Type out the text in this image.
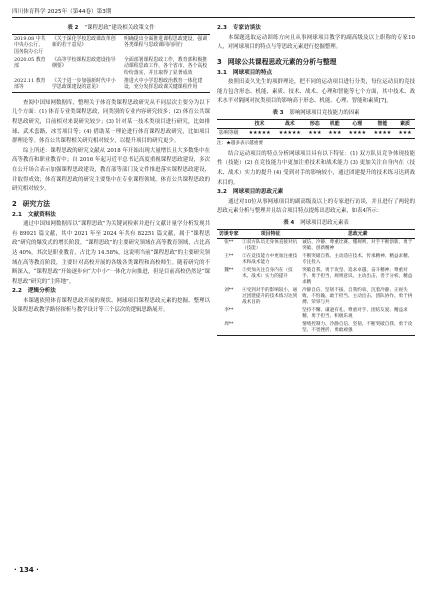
四川体育科学 2025年（第44卷）第3期
表 2 “课程思政”建设相关政策文件
2019.08 中共中央办公厅、国务院办公厅	《关于深化学校思政课改革创新的若干意见》	明确提出全面推进课程思政建设，强调各类课程与思政课同向同行
2020.05 教育部	《高等学校课程思政建设指导纲要》	全面部署课程思政工作，教育部积极推动课程思政工作，各个省市、各个高校纷纷落实，并且取得了显著成效
2022.11 教育部等	《关于进一步加强新时代中小学思政课建设的意见》	推进大中小学思想政治教育一体化建设，充分发挥思政课关键课程作用

查阅中国知网数据库，整理关于体育类课程思政研究从不同层次主要分为以下几个方面：(1) 体育专业类课程思政，同类别的专业内容研究较多；(2) 体育公共课程思政研究，目前相对来说研究较少；(3) 针对某一技术类项目进行研究，比如排球、武术套路、冰雪项目等；(4) 借助某一理论进行体育课程思政研究，比如项目群理论等。体育公共课程相关研究相对较少，以提升项目的研究更少。

综上所述：课程思政的研究文献从 2018 年开始出现大量增长且大多数集中在高等教育和职业教育中；自 2016 年起习近平总书记高度重视课程思政建设，多次在公开场合表示加强课程思政建设，教育部等部门及文件推进落实课程思政建设，并取得成效；体育课程思政的研究主要集中在专业课程领域，体育公共课程思政的研究相对较少。

2 研究方法
2.1 文献资料法

通过中国知网数据库以“课程思政”为关键词检索并进行文献计量学分析发现共有 89921 篇文献，其中 2021 年至 2024 年共有 82251 篇文献，属于“课程思政”研究的爆发式的增长阶段。“课程思政”的主要研究领域在高等教育领域，占比高达 40%，其次是职业教育，占比为 14.58%，这说明当前“课程思政”的主要研究领域在高等教育阶段，主要针对高校开展的各级各类课程和高校师生。随着研究的不断深入，“课程思政”开始逐步向“大中小”一体化方向推进，但是目前高校仍然是“课程思政”研究的“主阵地”。

2.2 逻辑分析法

本课题依照体育课程思政开展的现状、网球项目课程思政元素的挖掘、整理以及课程思政教学路径探析与教学设计等三个层次的逻辑思路展开。

2.3 专家访谈法

本课题选取运动训练方向且从事网球项目教学的副高级及以上职称的专家10人，对网球项目的特点与等思政元素进行挖掘整理。

3 网球公共课程思政元素的分析与整理
3.1 网球项目的特点

按照田麦久先生的项群理论，把不同的运动项目进行分类，每位运动员的竞技能力包含形态、机能、素质、技术、战术、心理和智能等七个方面，其中技术、战术水平对隔网对抗类项目的影响高于形态、机能、心理、智能和素质[7]。

表 3 影响网球项目竞技能力的因素
	技术	战术	形态	机能	心理	智能	素质
影响等级	★★★★★	★★★★★	★★★	★★★	★★★★	★★★★	★★★
注：★越多表示越重要

结合运动项目的特点分析网球项目具有以下特征：(1) 双方队员竞争体现技能性（技能）(2) 在竞技能力中更加注重技术和战术能力 (3) 更加关注自身内在（技术、战术）实力的提升 (4) 受到对手的影响较小，通过团建提升的技术练习达到战术目的。

3.2 网球项目的思政元素

通过对10位从事网球项目的副高级及以上的专家进行访谈，并且进行了两轮的思政元素分析与整理并且结合项目特点提炼出思政元素，如表4所示：

表 4 网球项目思政元素表
访谈专家	项目特征	思政元素
张**	①双方队员无身体直接对抗（技能）	诚信、冷静、尊重比赛、懂规则、对手不断创新、勇于突破、创新精神
王**	②在竞技能力中更加注重技术和战术能力	不断突破自我、主动适应技术、传承精神、精益求精、专注投入
魏**	③更加关注自身内在（技术、战术）实力的提升	突破自我、勇于攻坚、追求卓越、奋斗精神、尊重对手、勇于担当、规则意识、主动出击、善于分析、精益求精
刘**	④受到对手的影响较小，通过团建提升的技术练习达到战术目的	冷静自信、坚韧不拔、自我约束、沉着冷静、正视失败、不怕输、敢于担当、主动出击、团队协作、勇于拼搏、荣辱与共
李**		坚持不懈、谦逊有礼、尊重对手、团结友爱、精益求精、勇于担当、积极乐观
周**		情绪控制力、冷静自信、坚韧、不断突破自我、勇于攻坚、不畏挫折、勇敢顽强
· 134 ·
